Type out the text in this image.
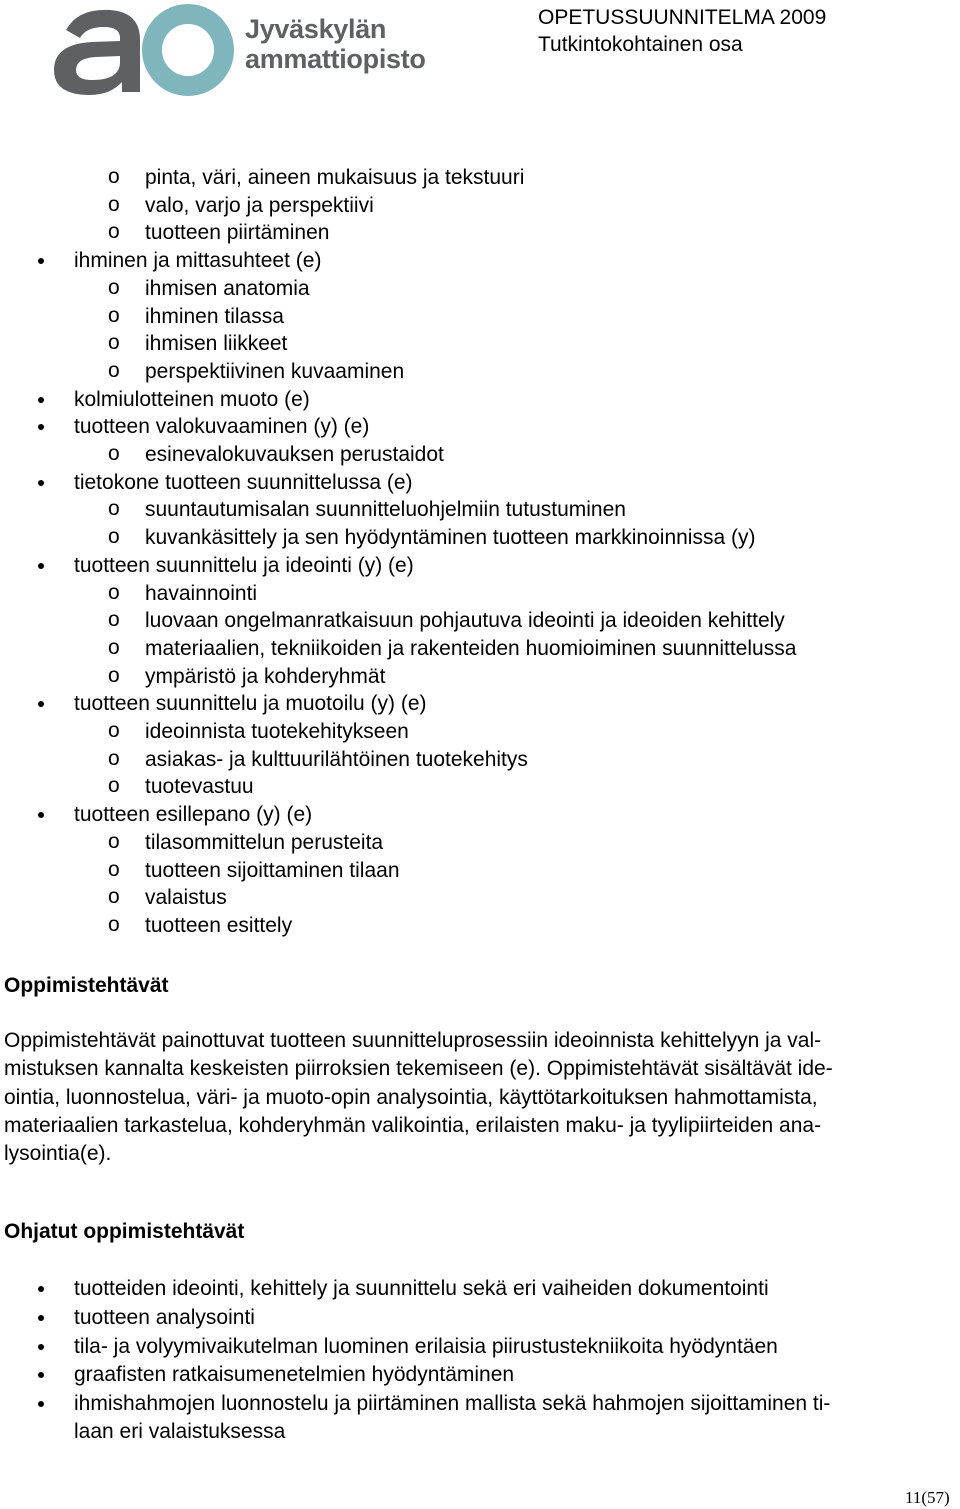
Jyväskylän
ammattiopisto
OPETUSSUUNNITELMA 2009
Tutkintokohtainen osa
o pinta, väri, aineen mukaisuus ja tekstuuri
o valo, varjo ja perspektiivi
o tuotteen piirtäminen
ihminen ja mittasuhteet (e)
o ihmisen anatomia
o ihminen tilassa
o ihmisen liikkeet
o perspektiivinen kuvaaminen
kolmiulotteinen muoto (e)
tuotteen valokuvaaminen (y) (e)
o esinevalokuvauksen perustaidot
tietokone tuotteen suunnittelussa (e)
o suuntautumisalan suunnitteluohjelmiin tutustuminen
o kuvankäsittely ja sen hyödyntäminen tuotteen markkinoinnissa (y)
tuotteen suunnittelu ja ideointi (y) (e)
o havainnointi
o luovaan ongelmanratkaisuun pohjautuva ideointi ja ideoiden kehittely
o materiaalien, tekniikoiden ja rakenteiden huomioiminen suunnittelussa
o ympäristö ja kohderyhmät
tuotteen suunnittelu ja muotoilu (y) (e)
o ideoinnista tuotekehitykseen
o asiakas- ja kulttuurilähtöinen tuotekehitys
o tuotevastuu
tuotteen esillepano (y) (e)
o tilasommittelun perusteita
o tuotteen sijoittaminen tilaan
o valaistus
o tuotteen esittely
Oppimistehtävät
Oppimistehtävät painottuvat tuotteen suunnitteluprosessiin ideoinnista kehittelyyn ja val-
mistuksen kannalta keskeisten piirroksien tekemiseen (e). Oppimistehtävät sisältävät ide-
ointia, luonnostelua, väri- ja muoto-opin analysointia, käyttötarkoituksen hahmottamista,
materiaalien tarkastelua, kohderyhmän valikointia, erilaisten maku- ja tyylipiirteiden ana-
lysointia(e).
Ohjatut oppimistehtävät
tuotteiden ideointi, kehittely ja suunnittelu sekä eri vaiheiden dokumentointi
tuotteen analysointi
tila- ja volyymivaikutelman luominen erilaisia piirustustekniikoita hyödyntäen
graafisten ratkaisumenetelmien hyödyntäminen
ihmishahmojen luonnostelu ja piirtäminen mallista sekä hahmojen sijoittaminen ti-
laan eri valaistuksessa
11(57)
